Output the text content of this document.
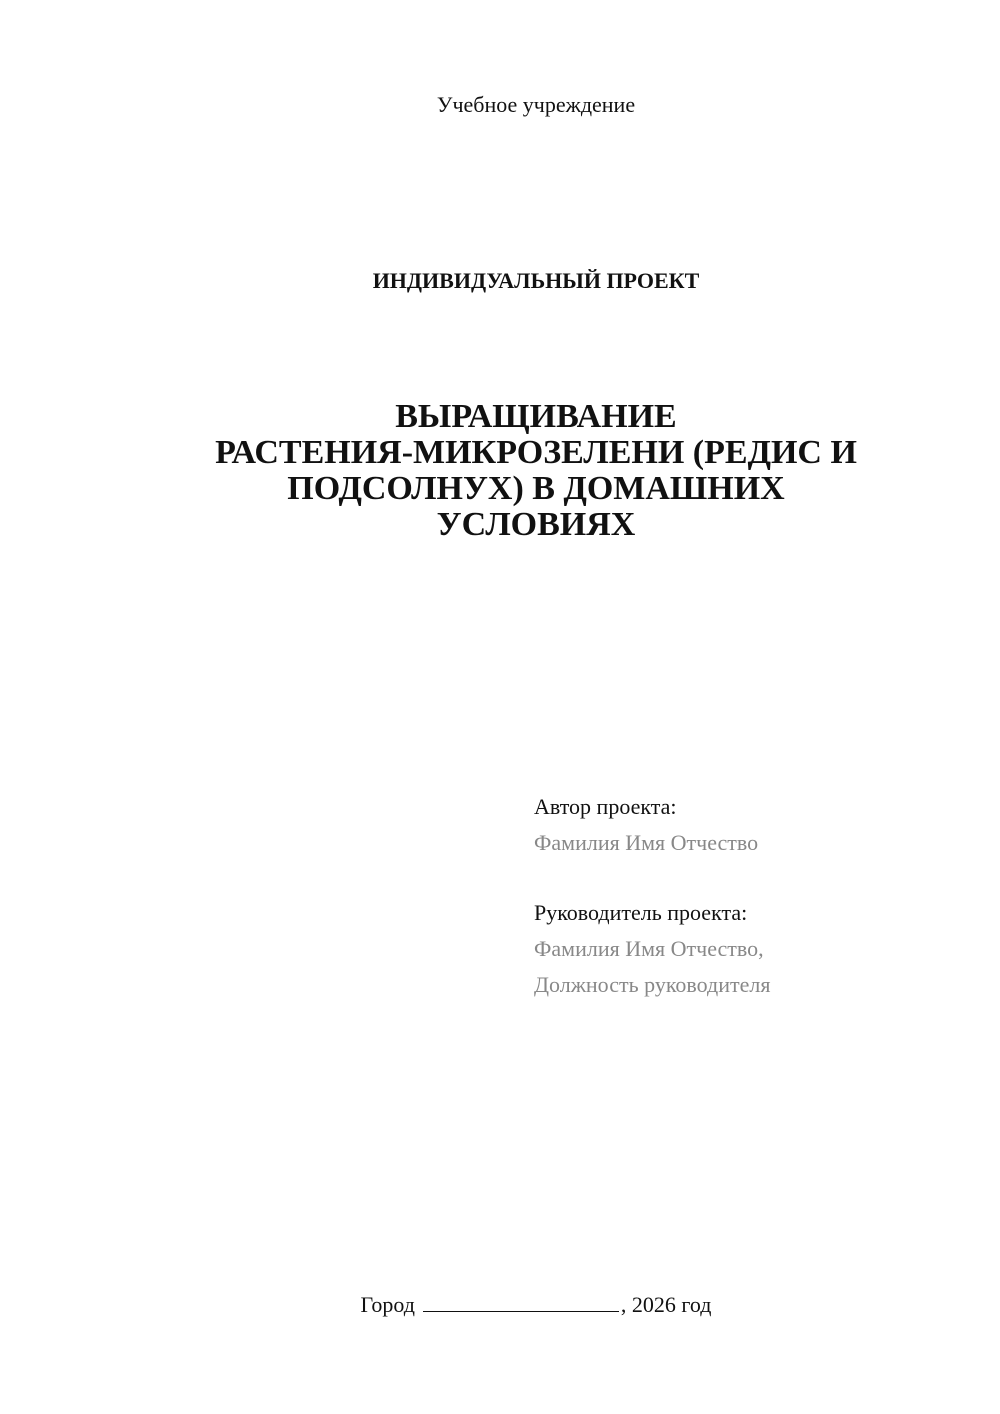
Учебное учреждение
ИНДИВИДУАЛЬНЫЙ ПРОЕКТ
ВЫРАЩИВАНИЕ
РАСТЕНИЯ-МИКРОЗЕЛЕНИ (РЕДИС И
ПОДСОЛНУХ) В ДОМАШНИХ
УСЛОВИЯХ
Автор проекта:
Фамилия Имя Отчество
Руководитель проекта:
Фамилия Имя Отчество,
Должность руководителя
Город	, 2026 год
